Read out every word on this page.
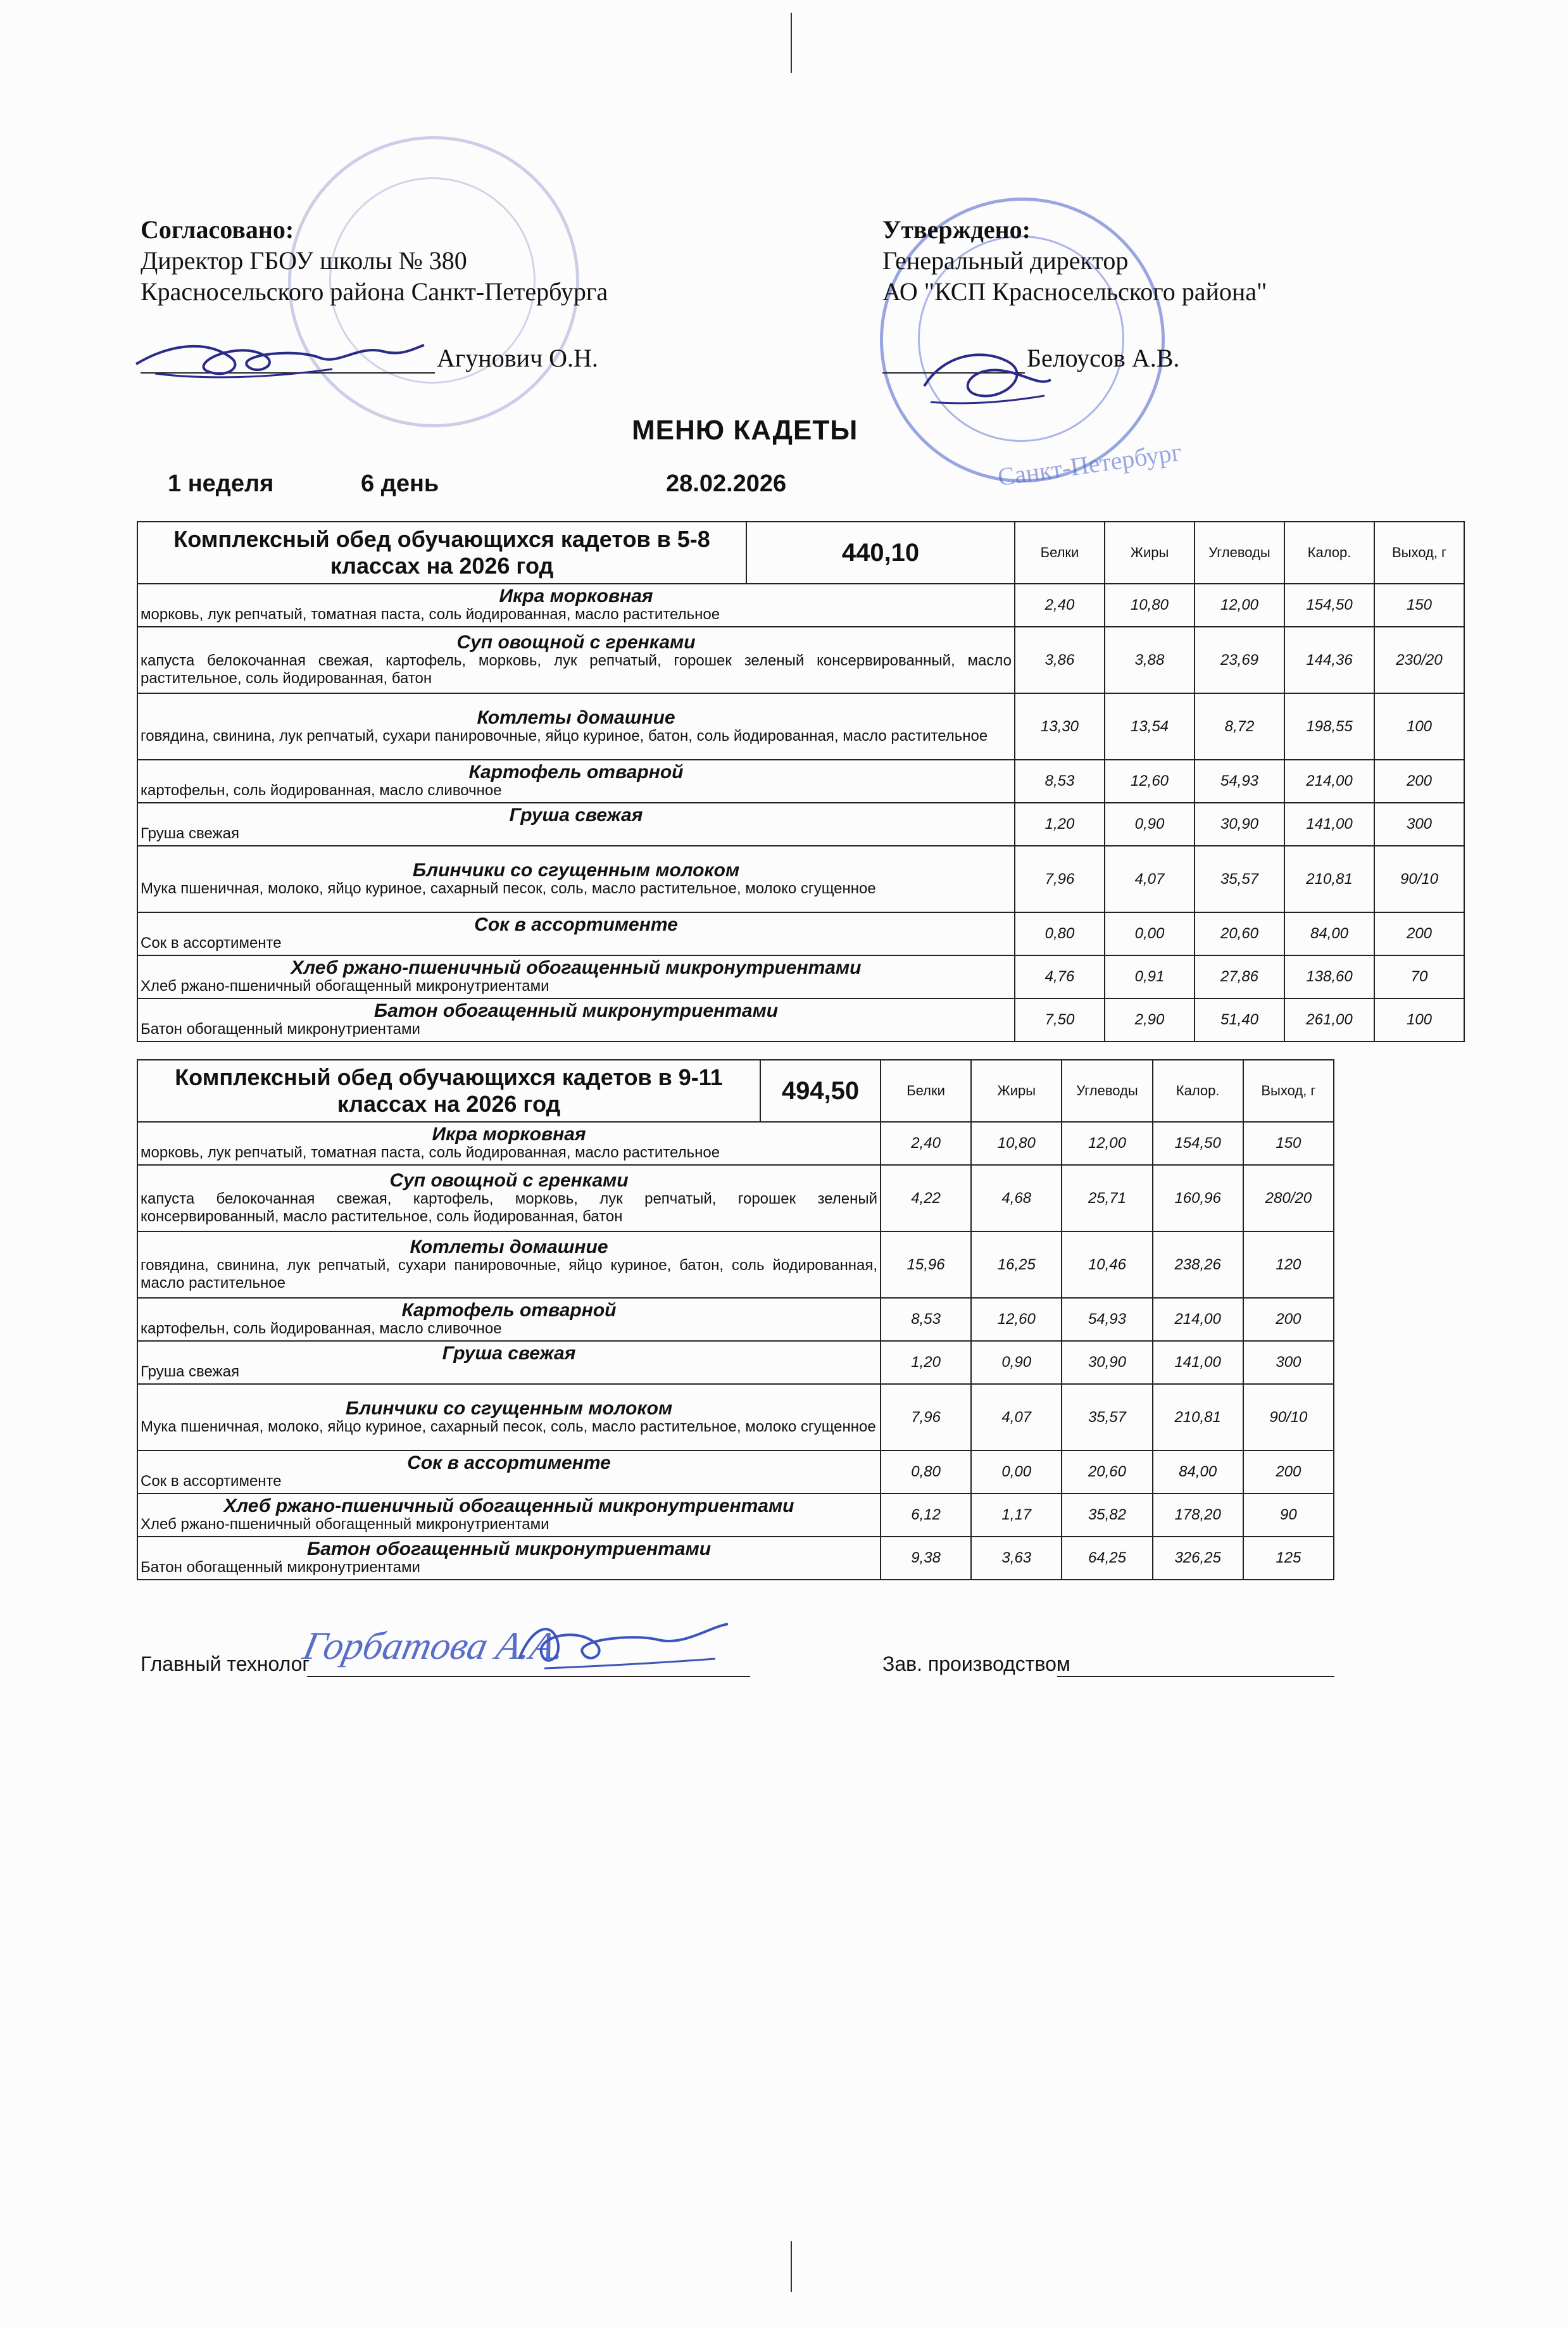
Санкт-Петербург
Согласовано:
Директор ГБОУ школы № 380
Красносельского района Санкт-Петербурга
Агунович О.Н.
Утверждено:
Генеральный директор
АО "КСП Красносельского района"
Белоусов А.В.
МЕНЮ КАДЕТЫ
1 неделя	6 день	28.02.2026
Комплексный обед обучающихся кадетов в 5-8 классах на 2026 год	440,10	Белки	Жиры	Углеводы	Калор.	Выход, г

Икра морковная
морковь, лук репчатый, томатная паста, соль йодированная, масло растительное		2,40	10,80	12,00	154,50	150

Суп овощной с гренками
капуста белокочанная свежая, картофель, морковь, лук репчатый, горошек зеленый консервированный, масло растительное, соль йодированная, батон		3,86	3,88	23,69	144,36	230/20

Котлеты домашние
говядина, свинина, лук репчатый, сухари панировочные, яйцо куриное, батон, соль йодированная, масло растительное		13,30	13,54	8,72	198,55	100

Картофель отварной
картофельн, соль йодированная, масло сливочное		8,53	12,60	54,93	214,00	200

Груша свежая
Груша свежая		1,20	0,90	30,90	141,00	300

Блинчики со сгущенным молоком
Мука пшеничная, молоко, яйцо куриное, сахарный песок, соль, масло растительное, молоко сгущенное		7,96	4,07	35,57	210,81	90/10

Сок в ассортименте
Сок в ассортименте		0,80	0,00	20,60	84,00	200

Хлеб ржано-пшеничный обогащенный микронутриентами
Хлеб ржано-пшеничный обогащенный микронутриентами		4,76	0,91	27,86	138,60	70

Батон обогащенный микронутриентами
Батон обогащенный микронутриентами		7,50	2,90	51,40	261,00	100
Комплексный обед обучающихся кадетов в 9-11 классах на 2026 год	494,50	Белки	Жиры	Углеводы	Калор.	Выход, г

Икра морковная
морковь, лук репчатый, томатная паста, соль йодированная, масло растительное		2,40	10,80	12,00	154,50	150

Суп овощной с гренками
капуста белокочанная свежая, картофель, морковь, лук репчатый, горошек зеленый консервированный, масло растительное, соль йодированная, батон		4,22	4,68	25,71	160,96	280/20

Котлеты домашние
говядина, свинина, лук репчатый, сухари панировочные, яйцо куриное, батон, соль йодированная, масло растительное		15,96	16,25	10,46	238,26	120

Картофель отварной
картофельн, соль йодированная, масло сливочное		8,53	12,60	54,93	214,00	200

Груша свежая
Груша свежая		1,20	0,90	30,90	141,00	300

Блинчики со сгущенным молоком
Мука пшеничная, молоко, яйцо куриное, сахарный песок, соль, масло растительное, молоко сгущенное		7,96	4,07	35,57	210,81	90/10

Сок в ассортименте
Сок в ассортименте		0,80	0,00	20,60	84,00	200

Хлеб ржано-пшеничный обогащенный микронутриентами
Хлеб ржано-пшеничный обогащенный микронутриентами		6,12	1,17	35,82	178,20	90

Батон обогащенный микронутриентами
Батон обогащенный микронутриентами		9,38	3,63	64,25	326,25	125
Главный технолог
Горбатова А.А.	Зав. производством
